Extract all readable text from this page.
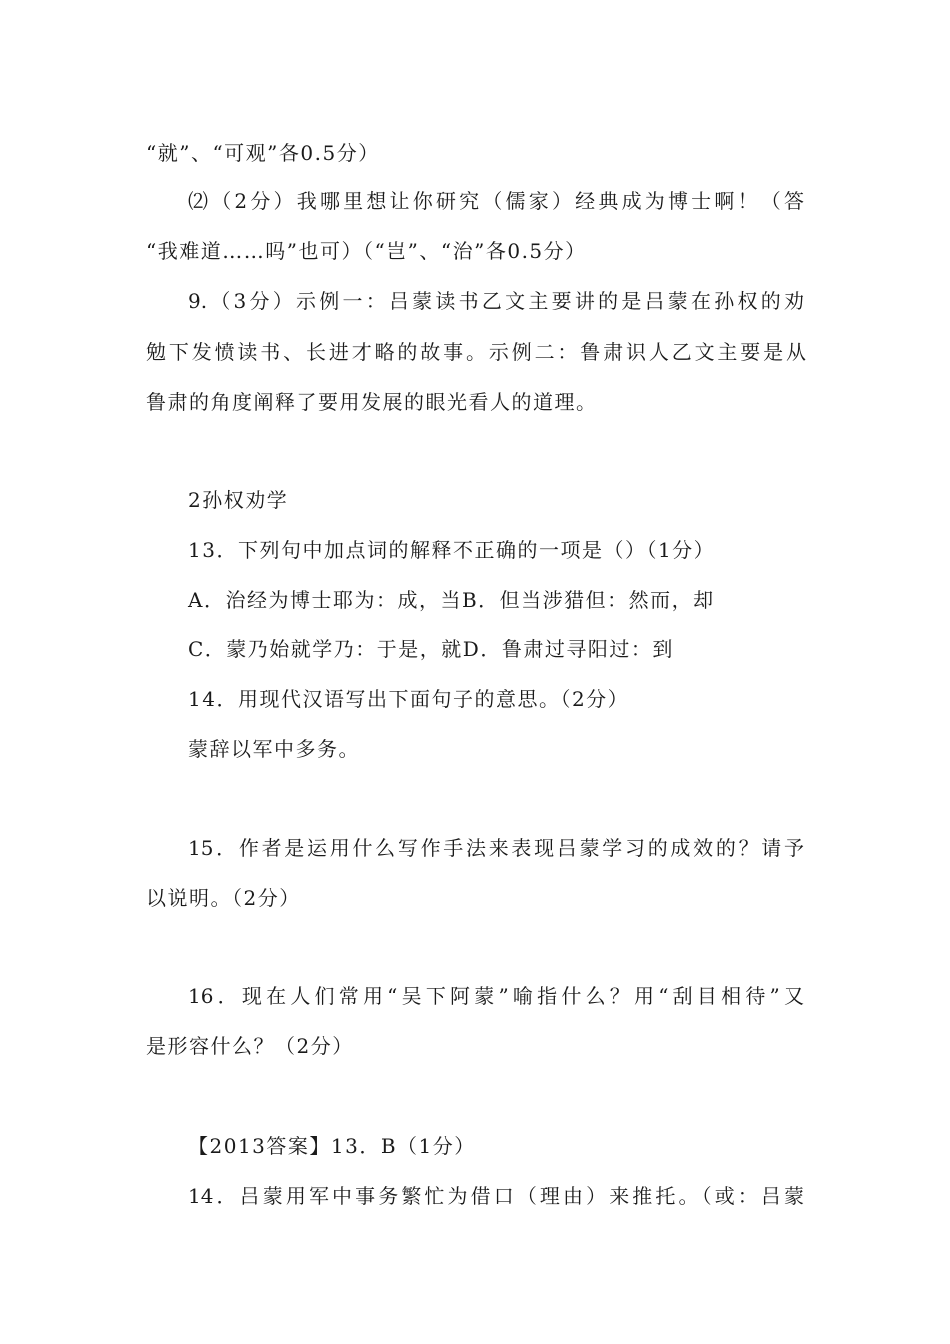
“就”、“可观”各0.5分）
⑵（2分）我哪里想让你研究（儒家）经典成为博士啊！（答
“我难道……吗”也可）（“岂”、“治”各0.5分）
9.（3分）示例一：吕蒙读书乙文主要讲的是吕蒙在孙权的劝
勉下发愤读书、长进才略的故事。示例二：鲁肃识人乙文主要是从
鲁肃的角度阐释了要用发展的眼光看人的道理。
2孙权劝学
13．下列句中加点词的解释不正确的一项是（）（1分）
A．治经为博士耶为：成，当B．但当涉猎但：然而，却
C．蒙乃始就学乃：于是，就D．鲁肃过寻阳过：到
14．用现代汉语写出下面句子的意思。（2分）
蒙辞以军中多务。
15．作者是运用什么写作手法来表现吕蒙学习的成效的？请予
以说明。（2分）
16．现在人们常用“吴下阿蒙”喻指什么？用“刮目相待”又
是形容什么？（2分）
【2013答案】13．B（1分）
14．吕蒙用军中事务繁忙为借口（理由）来推托。（或：吕蒙
